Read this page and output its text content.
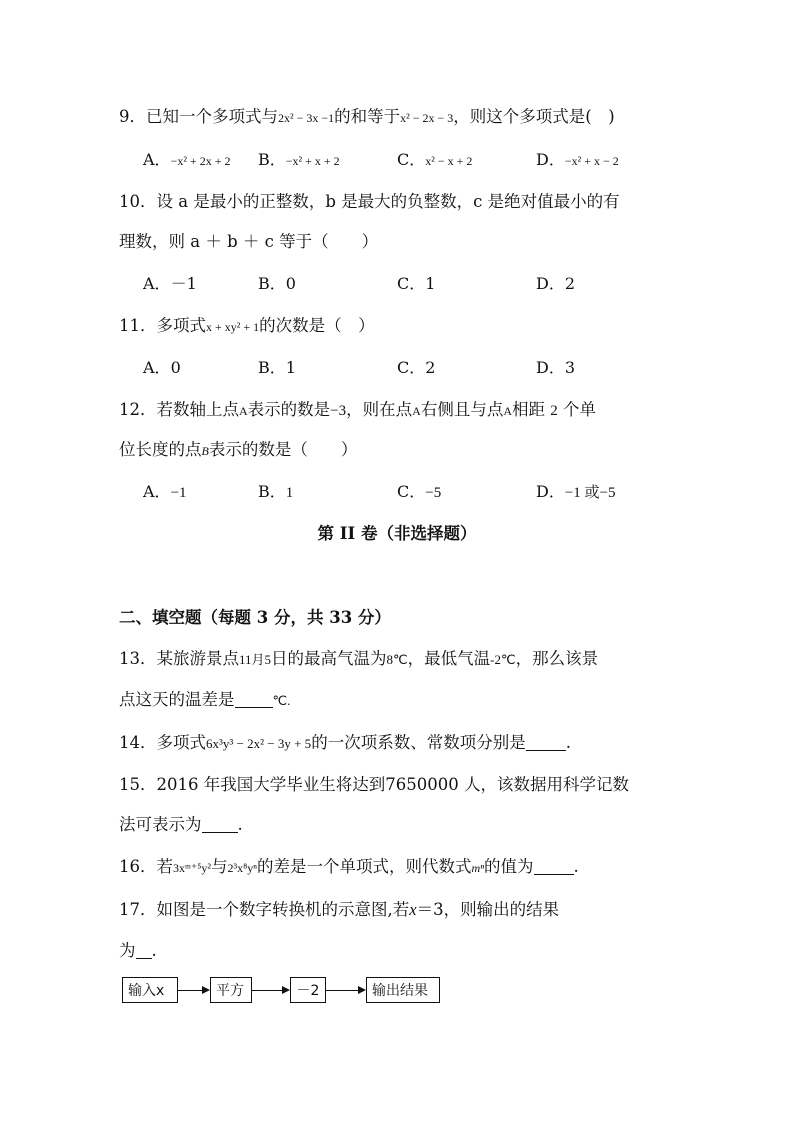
9．已知一个多项式与2x² − 3x −1的和等于x² − 2x − 3，则这个多项式是(　)
A．−x² + 2x + 2 B．−x² + x + 2	C．x² − x + 2	D．−x² + x − 2
10．设 a 是最小的正整数，b 是最大的负整数，c 是绝对值最小的有
理数，则 a ＋ b ＋ c 等于（　　）
A．－1	B．0	C．1	D．2
11．多项式x + xy² + 1的次数是（　）
A．0	B．1	C．2	D．3
12．若数轴上点A表示的数是−3，则在点A右侧且与点A相距 2 个单
位长度的点B表示的数是（　　）
A．−1	B．1	C．−5	D．−1 或−5
第 II 卷（非选择题）
二、填空题（每题 3 分，共 33 分）
13．某旅游景点11月5日的最高气温为8℃，最低气温-2℃，那么该景
点这天的温差是	℃.
14．多项式6x³y³ − 2x² − 3y + 5的一次项系数、常数项分别是 .
15．2016 年我国大学毕业生将达到7650000 人，该数据用科学记数
法可表示为 .
16．若3xᵐ⁺⁵y²与2³x⁸yⁿ的差是一个单项式，则代数式mⁿ的值为 .
17．如图是一个数字转换机的示意图,若x＝3，则输出的结果
为 .
输入x	平方	－2	输出结果
